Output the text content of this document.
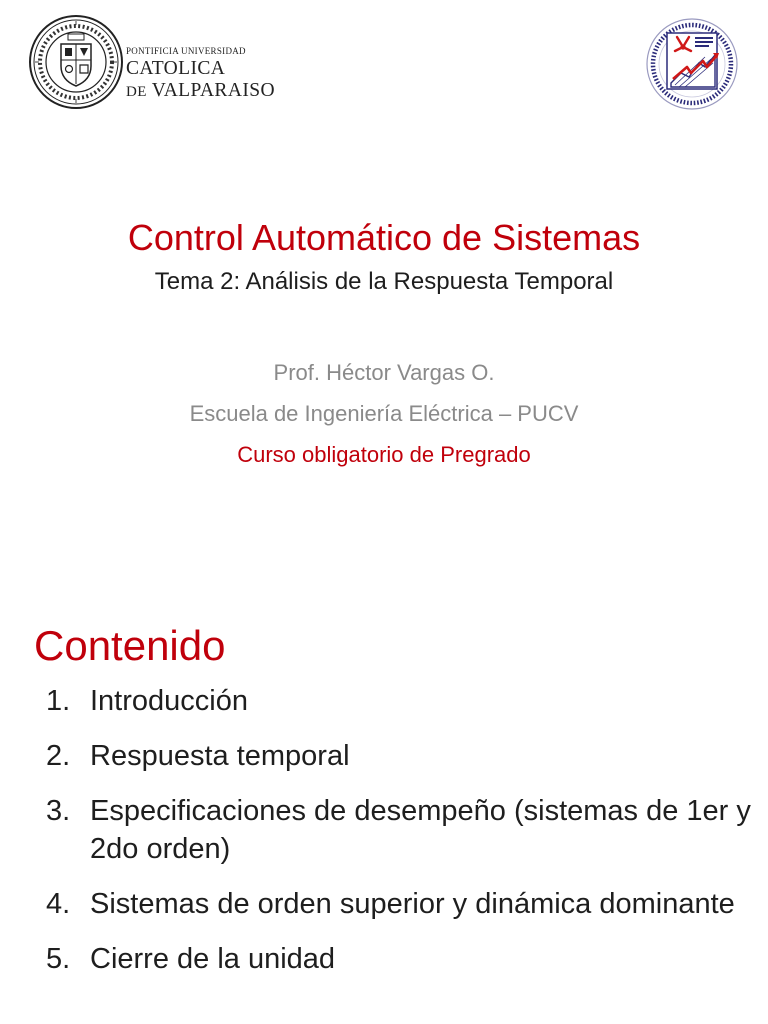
PONTIFICIA UNIVERSIDAD
CATOLICA
DE VALPARAISO
Control Automático de Sistemas
Tema 2: Análisis de la Respuesta Temporal

Prof. Héctor Vargas O.

Escuela de Ingeniería Eléctrica – PUCV

Curso obligatorio de Pregrado

Contenido
1. Introducción
2. Respuesta temporal
3. Especificaciones de desempeño (sistemas de 1er y 2do orden)
4. Sistemas de orden superior y dinámica dominante
5. Cierre de la unidad
